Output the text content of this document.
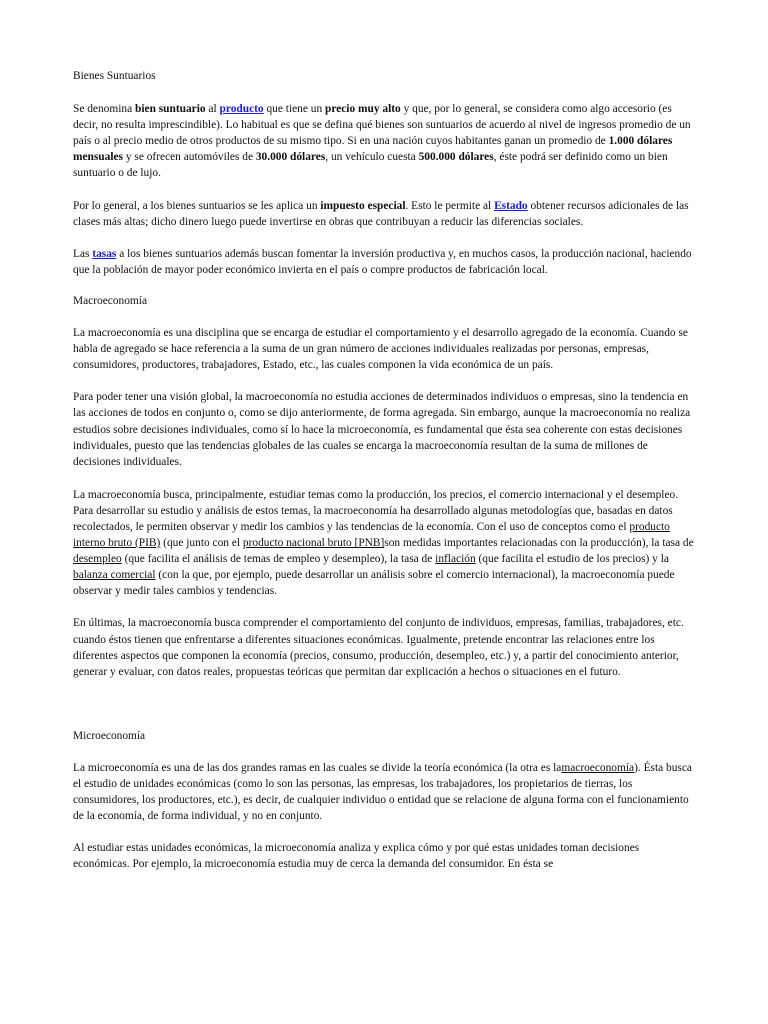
Bienes Suntuarios

Se denomina bien suntuario al producto que tiene un precio muy alto y que, por lo general, se considera como algo accesorio (es decir, no resulta imprescindible). Lo habitual es que se defina qué bienes son suntuarios de acuerdo al nivel de ingresos promedio de un país o al precio medio de otros productos de su mismo tipo. Si en una nación cuyos habitantes ganan un promedio de 1.000 dólares mensuales y se ofrecen automóviles de 30.000 dólares, un vehículo cuesta 500.000 dólares, éste podrá ser definido como un bien suntuario o de lujo.

Por lo general, a los bienes suntuarios se les aplica un impuesto especial. Esto le permite al Estado obtener recursos adicionales de las clases más altas; dicho dinero luego puede invertirse en obras que contribuyan a reducir las diferencias sociales.

Las tasas a los bienes suntuarios además buscan fomentar la inversión productiva y, en muchos casos, la producción nacional, haciendo que la población de mayor poder económico invierta en el país o compre productos de fabricación local.

Macroeconomía

La macroeconomía es una disciplina que se encarga de estudiar el comportamiento y el desarrollo agregado de la economía. Cuando se habla de agregado se hace referencia a la suma de un gran número de acciones individuales realizadas por personas, empresas, consumidores, productores, trabajadores, Estado, etc., las cuales componen la vida económica de un país.

Para poder tener una visión global, la macroeconomía no estudia acciones de determinados individuos o empresas, sino la tendencia en las acciones de todos en conjunto o, como se dijo anteriormente, de forma agregada. Sin embargo, aunque la macroeconomía no realiza estudios sobre decisiones individuales, como sí lo hace la microeconomía, es fundamental que ésta sea coherente con estas decisiones individuales, puesto que las tendencias globales de las cuales se encarga la macroeconomía resultan de la suma de millones de decisiones individuales.

La macroeconomía busca, principalmente, estudiar temas como la producción, los precios, el comercio internacional y el desempleo. Para desarrollar su estudio y análisis de estos temas, la macroeconomía ha desarrollado algunas metodologías que, basadas en datos recolectados, le permiten observar y medir los cambios y las tendencias de la economía. Con el uso de conceptos como el producto interno bruto (PIB) (que junto con el producto nacional bruto [PNB]son medidas importantes relacionadas con la producción), la tasa de desempleo (que facilita el análisis de temas de empleo y desempleo), la tasa de inflación (que facilita el estudio de los precios) y la balanza comercial (con la que, por ejemplo, puede desarrollar un análisis sobre el comercio internacional), la macroeconomía puede observar y medir tales cambios y tendencias.

En últimas, la macroeconomía busca comprender el comportamiento del conjunto de individuos, empresas, familias, trabajadores, etc. cuando éstos tienen que enfrentarse a diferentes situaciones económicas. Igualmente, pretende encontrar las relaciones entre los diferentes aspectos que componen la economía (precios, consumo, producción, desempleo, etc.) y, a partir del conocimiento anterior, generar y evaluar, con datos reales, propuestas teóricas que permitan dar explicación a hechos o situaciones en el futuro.

Microeconomía

La microeconomía es una de las dos grandes ramas en las cuales se divide la teoría económica (la otra es lamacroeconomía). Ésta busca el estudio de unidades económicas (como lo son las personas, las empresas, los trabajadores, los propietarios de tierras, los consumidores, los productores, etc.), es decir, de cualquier individuo o entidad que se relacione de alguna forma con el funcionamiento de la economía, de forma individual, y no en conjunto.

Al estudiar estas unidades económicas, la microeconomía analiza y explica cómo y por qué estas unidades toman decisiones económicas. Por ejemplo, la microeconomía estudia muy de cerca la demanda del consumidor. En ésta se
